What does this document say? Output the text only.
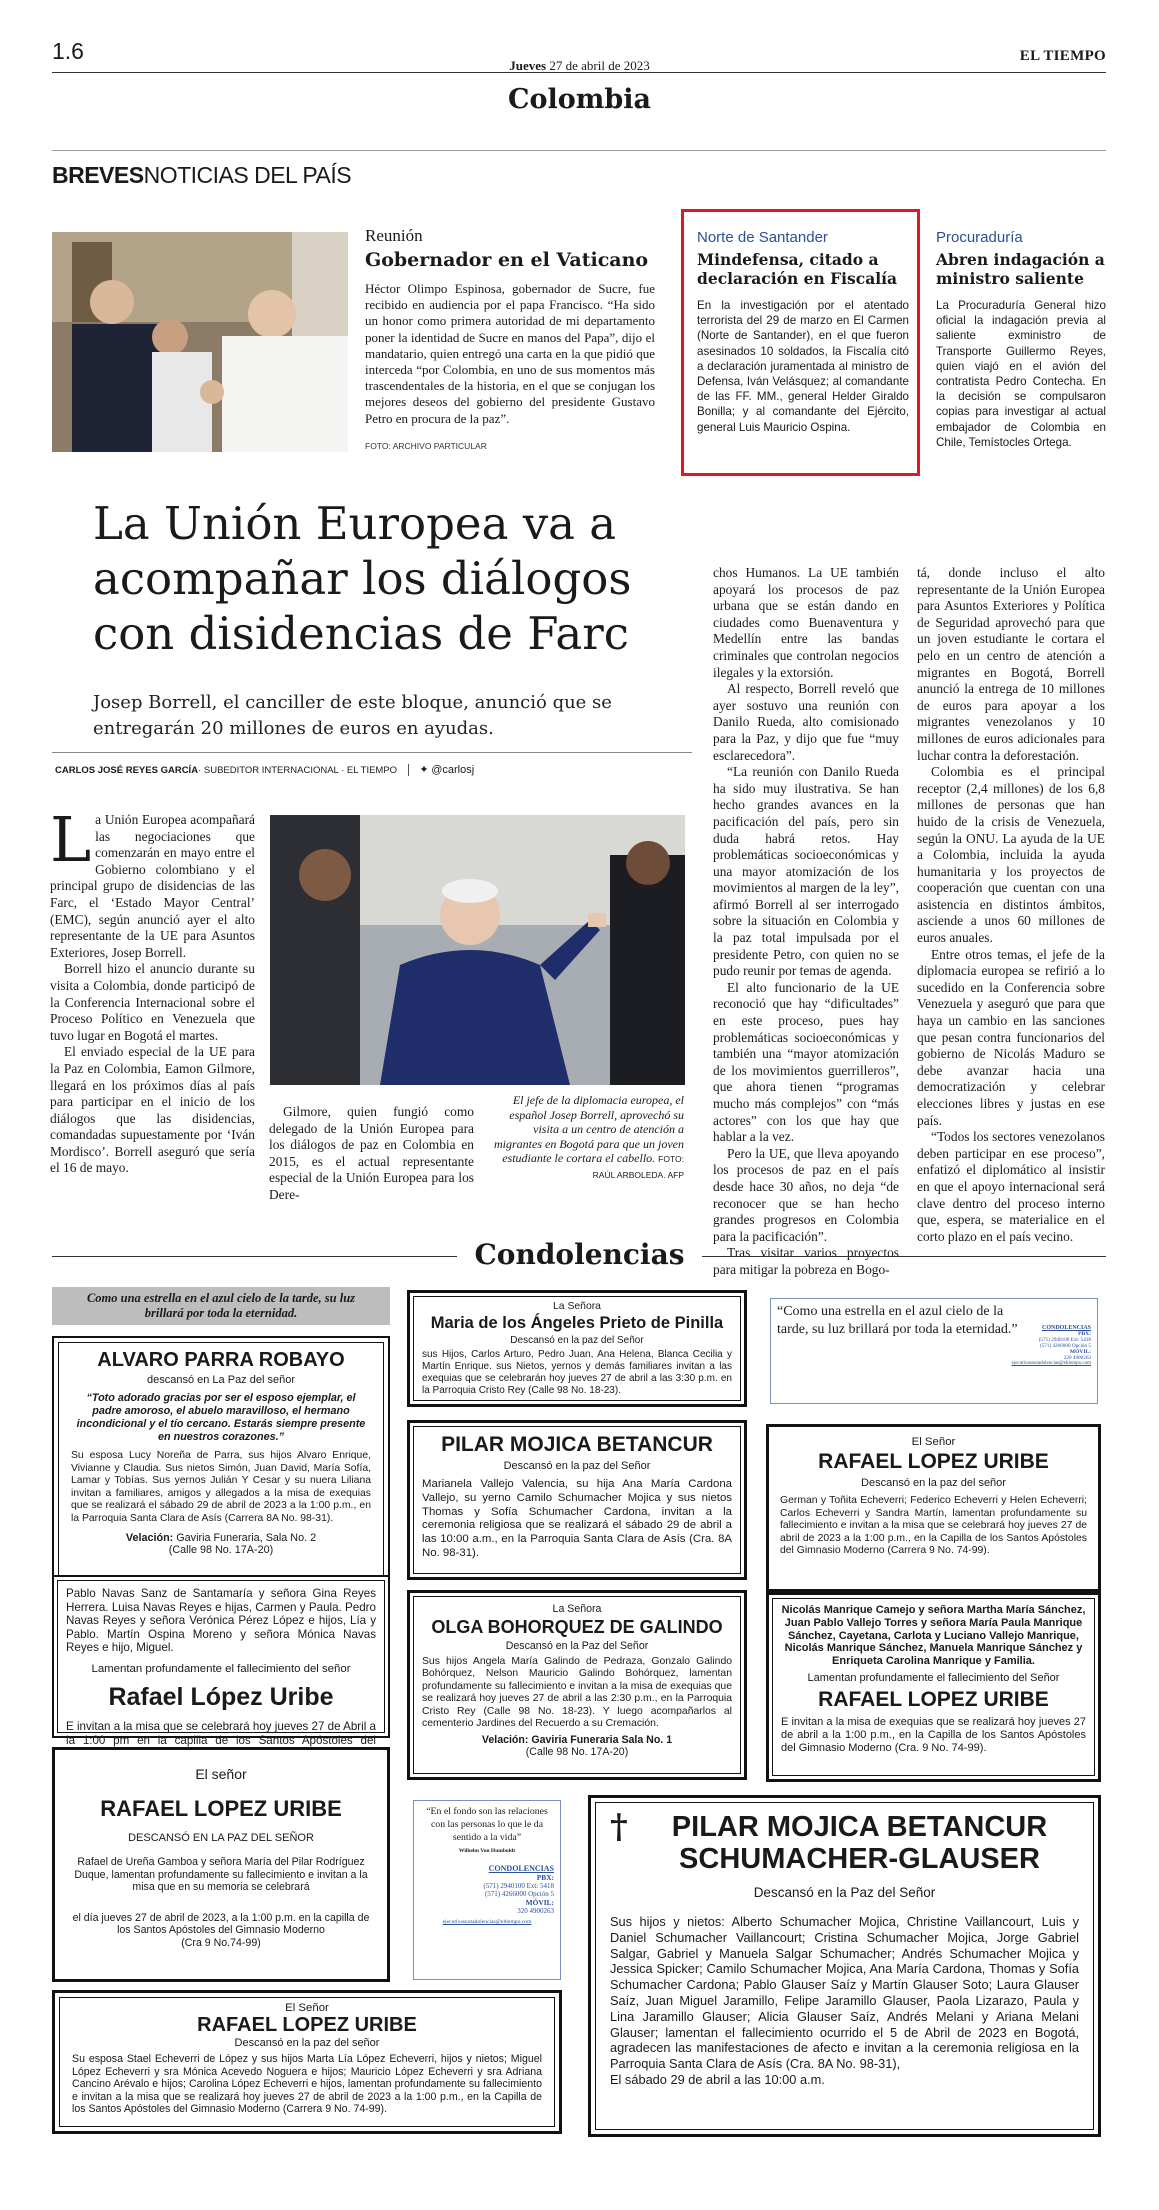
1.6
Jueves 27 de abril de 2023
EL TIEMPO
Colombia
BREVESNOTICIAS DEL PAÍS
Reunión
Gobernador en el Vaticano
Héctor Olimpo Espinosa, gobernador de Sucre, fue recibido en audiencia por el papa Francisco. “Ha sido un honor como primera autoridad de mi departamento poner la identidad de Sucre en manos del Papa”, dijo el mandatario, quien entregó una carta en la que pidió que interceda “por Colombia, en uno de sus momentos más trascendentales de la historia, en el que se conjugan los mejores deseos del gobierno del presidente Gustavo Petro en procura de la paz”.
FOTO: ARCHIVO PARTICULAR
Norte de Santander
Mindefensa, citado a declaración en Fiscalía
En la investigación por el atentado terrorista del 29 de marzo en El Carmen (Norte de Santander), en el que fueron asesinados 10 soldados, la Fiscalía citó a declaración juramentada al ministro de Defensa, Iván Velásquez; al comandante de las FF. MM., general Helder Giraldo Bonilla; y al comandante del Ejército, general Luis Mauricio Ospina.
Procuraduría
Abren indagación a ministro saliente
La Procuraduría General hizo oficial la indagación previa al saliente exministro de Transporte Guillermo Reyes, quien viajó en el avión del contratista Pedro Contecha. En la decisión se compulsaron copias para investigar al actual embajador de Colombia en Chile, Temístocles Ortega.
La Unión Europea va a acompañar los diálogos con disidencias de Farc
Josep Borrell, el canciller de este bloque, anunció que se entregarán 20 millones de euros en ayudas.
CARLOS JOSÉ REYES GARCÍA· SUBEDITOR INTERNACIONAL · EL TIEMPO ✦ @carlosj
L a Unión Europea acompañará las negociaciones que comenzarán en mayo entre el Gobierno colombiano y el principal grupo de disidencias de las Farc, el ‘Estado Mayor Central’ (EMC), según anunció ayer el alto representante de la UE para Asuntos Exteriores, Josep Borrell.

Borrell hizo el anuncio durante su visita a Colombia, donde participó de la Conferencia Internacional sobre el Proceso Político en Venezuela que tuvo lugar en Bogotá el martes.

El enviado especial de la UE para la Paz en Colombia, Eamon Gilmore, llegará en los próximos días al país para participar en el inicio de los diálogos que las disidencias, comandadas supuestamente por ‘Iván Mordisco’. Borrell aseguró que sería el 16 de mayo.

Gilmore, quien fungió como delegado de la Unión Europea para los diálogos de paz en Colombia en 2015, es el actual representante especial de la Unión Europea para los Dere-

El jefe de la diplomacia europea, el español Josep Borrell, aprovechó su visita a un centro de atención a migrantes en Bogotá para que un joven estudiante le cortara el cabello. FOTO: RAÚL ARBOLEDA. AFP

chos Humanos. La UE también apoyará los procesos de paz urbana que se están dando en ciudades como Buenaventura y Medellín entre las bandas criminales que controlan negocios ilegales y la extorsión.

Al respecto, Borrell reveló que ayer sostuvo una reunión con Danilo Rueda, alto comisionado para la Paz, y dijo que fue “muy esclarecedora”.

“La reunión con Danilo Rueda ha sido muy ilustrativa. Se han hecho grandes avances en la pacificación del país, pero sin duda habrá retos. Hay problemáticas socioeconómicas y una mayor atomización de los movimientos al margen de la ley”, afirmó Borrell al ser interrogado sobre la situación en Colombia y la paz total impulsada por el presidente Petro, con quien no se pudo reunir por temas de agenda.

El alto funcionario de la UE reconoció que hay “dificultades” en este proceso, pues hay problemáticas socioeconómicas y también una “mayor atomización de los movimientos guerrilleros”, que ahora tienen “programas mucho más complejos” con “más actores” con los que hay que hablar a la vez.

Pero la UE, que lleva apoyando los procesos de paz en el país desde hace 30 años, no deja “de reconocer que se han hecho grandes progresos en Colombia para la pacificación”.

Tras visitar varios proyectos para mitigar la pobreza en Bogo-

tá, donde incluso el alto representante de la Unión Europea para Asuntos Exteriores y Política de Seguridad aprovechó para que un joven estudiante le cortara el pelo en un centro de atención a migrantes en Bogotá, Borrell anunció la entrega de 10 millones de euros para apoyar a los migrantes venezolanos y 10 millones de euros adicionales para luchar contra la deforestación.

Colombia es el principal receptor (2,4 millones) de los 6,8 millones de personas que han huido de la crisis de Venezuela, según la ONU. La ayuda de la UE a Colombia, incluida la ayuda humanitaria y los proyectos de cooperación que cuentan con una asistencia en distintos ámbitos, asciende a unos 60 millones de euros anuales.

Entre otros temas, el jefe de la diplomacia europea se refirió a lo sucedido en la Conferencia sobre Venezuela y aseguró que para que haya un cambio en las sanciones que pesan contra funcionarios del gobierno de Nicolás Maduro se debe avanzar hacia una democratización y celebrar elecciones libres y justas en ese país.

“Todos los sectores venezolanos deben participar en ese proceso”, enfatizó el diplomático al insistir en que el apoyo internacional será clave dentro del proceso interno que, espera, se materialice en el corto plazo en el país vecino.

Condolencias
Como una estrella en el azul cielo de la tarde, su luz brillará por toda la eternidad.
ALVARO PARRA ROBAYO
descansó en La Paz del señor
“Toto adorado gracias por ser el esposo ejemplar, el padre amoroso, el abuelo maravilloso, el hermano incondicional y el tío cercano. Estarás siempre presente en nuestros corazones.”
Su esposa Lucy Noreña de Parra, sus hijos Alvaro Enrique, Vivianne y Claudia. Sus nietos Simón, Juan David, María Sofía, Lamar y Tobías. Sus yernos Julián Y Cesar y su nuera Liliana invitan a familiares, amigos y allegados a la misa de exequias que se realizará el sábado 29 de abril de 2023 a la 1:00 p.m., en la Parroquia Santa Clara de Asís (Carrera 8A No. 98-31).
Velación: Gaviria Funeraria, Sala No. 2
(Calle 98 No. 17A-20)
Pablo Navas Sanz de Santamaría y señora Gina Reyes Herrera. Luisa Navas Reyes e hijas, Carmen y Paula. Pedro Navas Reyes y señora Verónica Pérez López e hijos, Lía y Pablo. Martín Ospina Moreno y señora Mónica Navas Reyes e hijo, Miguel.
Lamentan profundamente el fallecimiento del señor
Rafael López Uribe
E invitan a la misa que se celebrará hoy jueves 27 de Abril a la 1:00 pm en la capilla de los Santos Apóstoles del
El señor
RAFAEL LOPEZ URIBE
DESCANSÓ EN LA PAZ DEL SEÑOR
Rafael de Ureña Gamboa y señora María del Pilar Rodríguez Duque, lamentan profundamente su fallecimiento e invitan a la misa que en su memoria se celebrará
el día jueves 27 de abril de 2023, a la 1:00 p.m. en la capilla de los Santos Apóstoles del Gimnasio Moderno
(Cra 9 No.74-99)
El Señor
RAFAEL LOPEZ URIBE
Descansó en la paz del señor
Su esposa Stael Echeverri de López y sus hijos Marta Lía López Echeverri, hijos y nietos; Miguel López Echeverri y sra Mónica Acevedo Noguera e hijos; Mauricio López Echeverri y sra Adriana Cancino Arévalo e hijos; Carolina López Echeverri e hijos, lamentan profundamente su fallecimiento e invitan a la misa que se realizará hoy jueves 27 de abril de 2023 a la 1:00 p.m., en la Capilla de los Santos Apóstoles del Gimnasio Moderno (Carrera 9 No. 74-99).
La Señora
Maria de los Ángeles Prieto de Pinilla
Descansó en la paz del Señor
sus Hijos, Carlos Arturo, Pedro Juan, Ana Helena, Blanca Cecilia y Martín Enrique. sus Nietos, yernos y demás familiares invitan a las exequias que se celebrarán hoy jueves 27 de abril a las 3:30 p.m. en la Parroquia Cristo Rey (Calle 98 No. 18-23).
PILAR MOJICA BETANCUR
Descansó en la paz del Señor
Marianela Vallejo Valencia, su hija Ana María Cardona Vallejo, su yerno Camilo Schumacher Mojica y sus nietos Thomas y Sofía Schumacher Cardona, invitan a la ceremonia religiosa que se realizará el sábado 29 de abril a las 10:00 a.m., en la Parroquia Santa Clara de Asís (Cra. 8A No. 98-31).
La Señora
OLGA BOHORQUEZ DE GALINDO
Descansó en la Paz del Señor
Sus hijos Angela María Galindo de Pedraza, Gonzalo Galindo Bohórquez, Nelson Mauricio Galindo Bohórquez, lamentan profundamente su fallecimiento e invitan a la misa de exequias que se realizará hoy jueves 27 de abril a las 2:30 p.m., en la Parroquia Cristo Rey (Calle 98 No. 18-23). Y luego acompañarlos al cementerio Jardines del Recuerdo a su Cremación.
Velación: Gaviria Funeraria Sala No. 1
(Calle 98 No. 17A-20)
“En el fondo son las relaciones con las personas lo que le da sentido a la vida”
Wilhelm Von Humboldt
CONDOLENCIAS
PBX:
(571) 2940100 Ext: 5418
(571) 4266000 Opción 5
MÓVIL:
320 4900263
ejecutivasnotadolencias@eltiempo.com
“Como una estrella en el azul cielo de la tarde, su luz brillará por toda la eternidad.”	CONDOLENCIAS
PBX:
(571) 2940100 Ext: 5418
(571) 4266000 Opción 5
MÓVIL:
320 4900263
ejecutivasnotadolencias@eltiempo.com
El Señor
RAFAEL LOPEZ URIBE
Descansó en la paz del señor
German y Toñita Echeverri; Federico Echeverri y Helen Echeverri; Carlos Echeverri y Sandra Martín, lamentan profundamente su fallecimiento e invitan a la misa que se celebrará hoy jueves 27 de abril de 2023 a la 1:00 p.m., en la Capilla de los Santos Apóstoles del Gimnasio Moderno (Carrera 9 No. 74-99).
Nicolás Manrique Camejo y señora Martha María Sánchez, Juan Pablo Vallejo Torres y señora María Paula Manrique Sánchez, Cayetana, Carlota y Luciano Vallejo Manrique, Nicolás Manrique Sánchez, Manuela Manrique Sánchez y Enriqueta Carolina Manrique y Familia.
Lamentan profundamente el fallecimiento del Señor
RAFAEL LOPEZ URIBE
E invitan a la misa de exequias que se realizará hoy jueves 27 de abril a la 1:00 p.m., en la Capilla de los Santos Apóstoles del Gimnasio Moderno (Cra. 9 No. 74-99).
†	PILAR MOJICA BETANCUR
SCHUMACHER-GLAUSER
Descansó en la Paz del Señor
Sus hijos y nietos: Alberto Schumacher Mojica, Christine Vaillancourt, Luis y Daniel Schumacher Vaillancourt; Cristina Schumacher Mojica, Jorge Gabriel Salgar, Gabriel y Manuela Salgar Schumacher; Andrés Schumacher Mojica y Jessica Spicker; Camilo Schumacher Mojica, Ana María Cardona, Thomas y Sofía Schumacher Cardona; Pablo Glauser Saíz y Martín Glauser Soto; Laura Glauser Saíz, Juan Miguel Jaramillo, Felipe Jaramillo Glauser, Paola Lizarazo, Paula y Lina Jaramillo Glauser; Alicia Glauser Saíz, Andrés Melani y Ariana Melani Glauser; lamentan el fallecimiento ocurrido el 5 de Abril de 2023 en Bogotá, agradecen las manifestaciones de afecto e invitan a la ceremonia religiosa en la Parroquia Santa Clara de Asís (Cra. 8A No. 98-31),
El sábado 29 de abril a las 10:00 a.m.
